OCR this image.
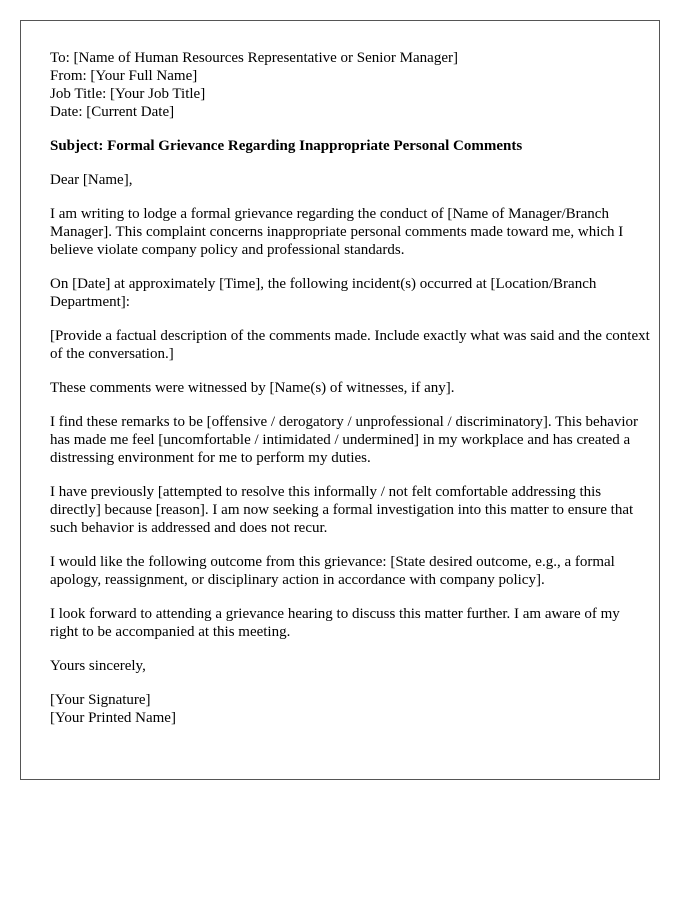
To: [Name of Human Resources Representative or Senior Manager]
From: [Your Full Name]
Job Title: [Your Job Title]
Date: [Current Date]

Subject: Formal Grievance Regarding Inappropriate Personal Comments

Dear [Name],

I am writing to lodge a formal grievance regarding the conduct of [Name of Manager/Branch Manager]. This complaint concerns inappropriate personal comments made toward me, which I believe violate company policy and professional standards.

On [Date] at approximately [Time], the following incident(s) occurred at [Location/Branch Department]:

[Provide a factual description of the comments made. Include exactly what was said and the context of the conversation.]

These comments were witnessed by [Name(s) of witnesses, if any].

I find these remarks to be [offensive / derogatory / unprofessional / discriminatory]. This behavior has made me feel [uncomfortable / intimidated / undermined] in my workplace and has created a distressing environment for me to perform my duties.

I have previously [attempted to resolve this informally / not felt comfortable addressing this directly] because [reason]. I am now seeking a formal investigation into this matter to ensure that such behavior is addressed and does not recur.

I would like the following outcome from this grievance: [State desired outcome, e.g., a formal apology, reassignment, or disciplinary action in accordance with company policy].

I look forward to attending a grievance hearing to discuss this matter further. I am aware of my right to be accompanied at this meeting.

Yours sincerely,

[Your Signature]
[Your Printed Name]
